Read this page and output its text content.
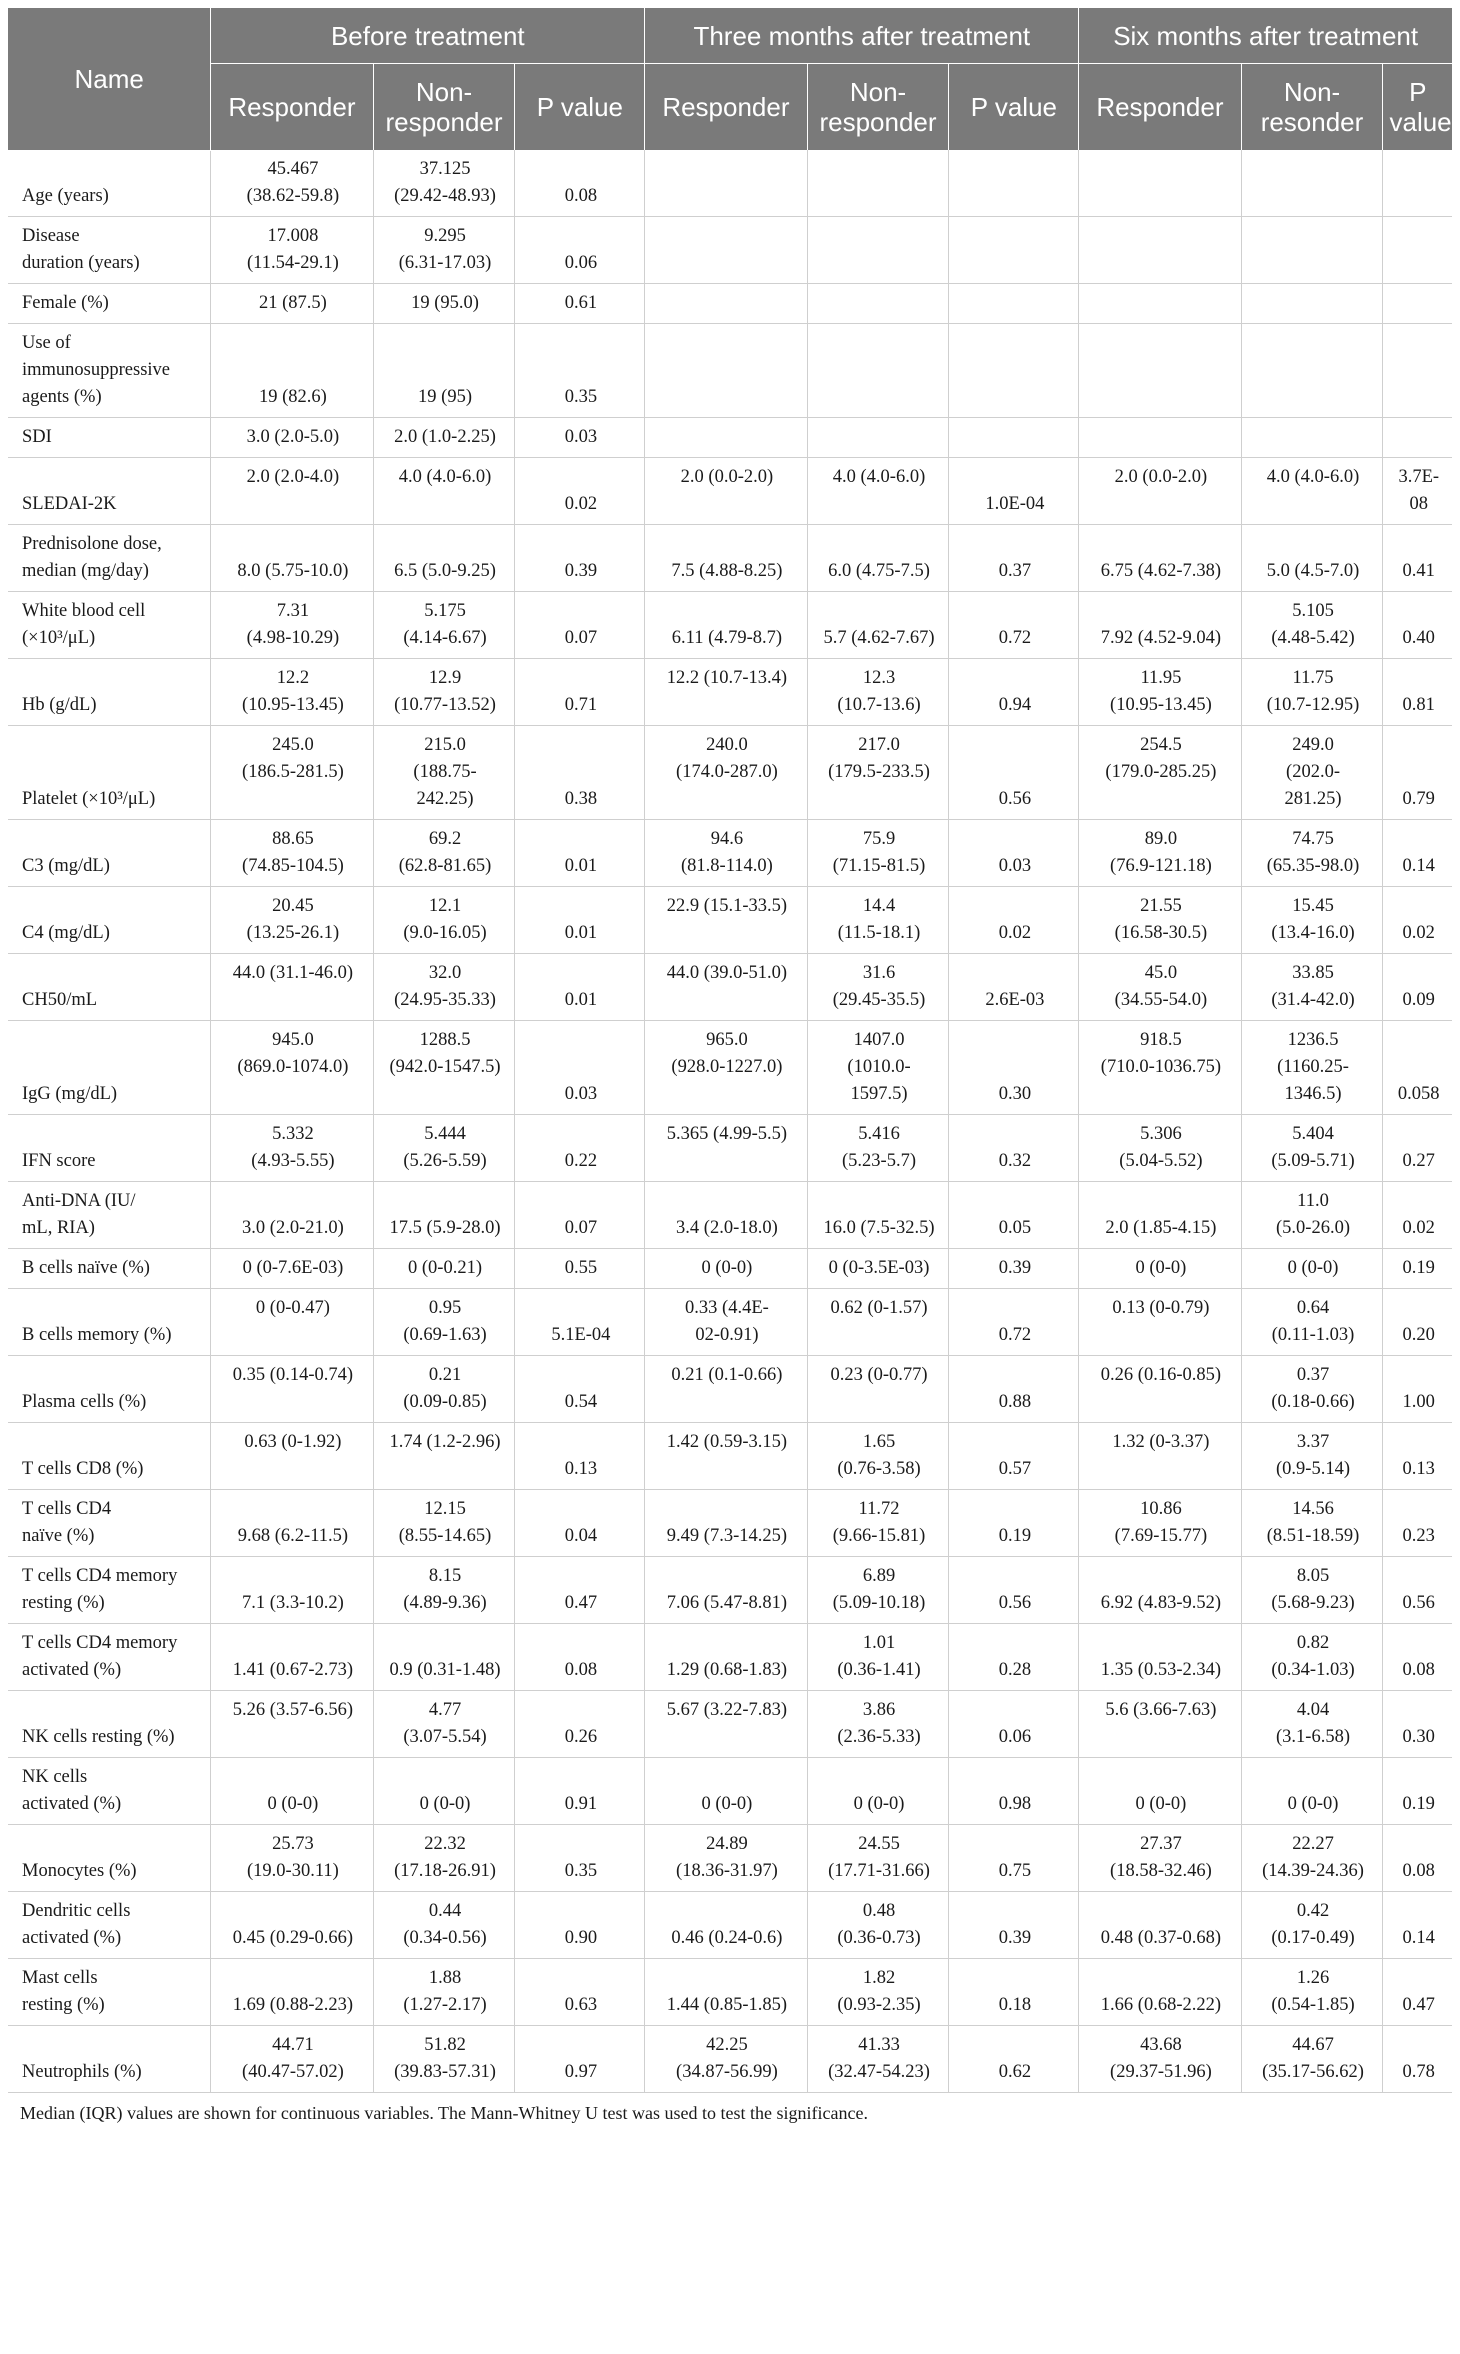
Name	Before treatment			Three months after treatment			Six months after treatment		
	Responder	Non-
responder	P value	Responder	Non-
responder	P value	Responder	Non-
resonder	P
value
Age (years)	45.467
(38.62-59.8)	37.125
(29.42-48.93)	0.08						
Disease
duration (years)	17.008
(11.54-29.1)	9.295
(6.31-17.03)	0.06						
Female (%)	21 (87.5)	19 (95.0)	0.61						
Use of
immunosuppressive
agents (%)	19 (82.6)	19 (95)	0.35						
SDI	3.0 (2.0-5.0)	2.0 (1.0-2.25)	0.03						
SLEDAI-2K	2.0 (2.0-4.0)	4.0 (4.0-6.0)	0.02	2.0 (0.0-2.0)	4.0 (4.0-6.0)	1.0E-04	2.0 (0.0-2.0)	4.0 (4.0-6.0)	3.7E-08
Prednisolone dose,
median (mg/day)	8.0 (5.75-10.0)	6.5 (5.0-9.25)	0.39	7.5 (4.88-8.25)	6.0 (4.75-7.5)	0.37	6.75 (4.62-7.38)	5.0 (4.5-7.0)	0.41
White blood cell
(×10³/μL)	7.31
(4.98-10.29)	5.175
(4.14-6.67)	0.07	6.11 (4.79-8.7)	5.7 (4.62-7.67)	0.72	7.92 (4.52-9.04)	5.105
(4.48-5.42)	0.40
Hb (g/dL)	12.2
(10.95-13.45)	12.9
(10.77-13.52)	0.71	12.2 (10.7-13.4)	12.3
(10.7-13.6)	0.94	11.95
(10.95-13.45)	11.75
(10.7-12.95)	0.81
Platelet (×10³/μL)	245.0
(186.5-281.5)	215.0
(188.75-
242.25)	0.38	240.0
(174.0-287.0)	217.0
(179.5-233.5)	0.56	254.5
(179.0-285.25)	249.0
(202.0-
281.25)	0.79
C3 (mg/dL)	88.65
(74.85-104.5)	69.2
(62.8-81.65)	0.01	94.6
(81.8-114.0)	75.9
(71.15-81.5)	0.03	89.0
(76.9-121.18)	74.75
(65.35-98.0)	0.14
C4 (mg/dL)	20.45
(13.25-26.1)	12.1
(9.0-16.05)	0.01	22.9 (15.1-33.5)	14.4
(11.5-18.1)	0.02	21.55
(16.58-30.5)	15.45
(13.4-16.0)	0.02
CH50/mL	44.0 (31.1-46.0)	32.0
(24.95-35.33)	0.01	44.0 (39.0-51.0)	31.6
(29.45-35.5)	2.6E-03	45.0
(34.55-54.0)	33.85
(31.4-42.0)	0.09
IgG (mg/dL)	945.0
(869.0-1074.0)	1288.5
(942.0-1547.5)	0.03	965.0
(928.0-1227.0)	1407.0
(1010.0-
1597.5)	0.30	918.5
(710.0-1036.75)	1236.5
(1160.25-
1346.5)	0.058
IFN score	5.332
(4.93-5.55)	5.444
(5.26-5.59)	0.22	5.365 (4.99-5.5)	5.416
(5.23-5.7)	0.32	5.306
(5.04-5.52)	5.404
(5.09-5.71)	0.27
Anti-DNA (IU/
mL, RIA)	3.0 (2.0-21.0)	17.5 (5.9-28.0)	0.07	3.4 (2.0-18.0)	16.0 (7.5-32.5)	0.05	2.0 (1.85-4.15)	11.0
(5.0-26.0)	0.02
B cells naïve (%)	0 (0-7.6E-03)	0 (0-0.21)	0.55	0 (0-0)	0 (0-3.5E-03)	0.39	0 (0-0)	0 (0-0)	0.19
B cells memory (%)	0 (0-0.47)	0.95
(0.69-1.63)	5.1E-04	0.33 (4.4E-
02-0.91)	0.62 (0-1.57)	0.72	0.13 (0-0.79)	0.64
(0.11-1.03)	0.20
Plasma cells (%)	0.35 (0.14-0.74)	0.21
(0.09-0.85)	0.54	0.21 (0.1-0.66)	0.23 (0-0.77)	0.88	0.26 (0.16-0.85)	0.37
(0.18-0.66)	1.00
T cells CD8 (%)	0.63 (0-1.92)	1.74 (1.2-2.96)	0.13	1.42 (0.59-3.15)	1.65
(0.76-3.58)	0.57	1.32 (0-3.37)	3.37
(0.9-5.14)	0.13
T cells CD4
naïve (%)	9.68 (6.2-11.5)	12.15
(8.55-14.65)	0.04	9.49 (7.3-14.25)	11.72
(9.66-15.81)	0.19	10.86
(7.69-15.77)	14.56
(8.51-18.59)	0.23
T cells CD4 memory
resting (%)	7.1 (3.3-10.2)	8.15
(4.89-9.36)	0.47	7.06 (5.47-8.81)	6.89
(5.09-10.18)	0.56	6.92 (4.83-9.52)	8.05
(5.68-9.23)	0.56
T cells CD4 memory
activated (%)	1.41 (0.67-2.73)	0.9 (0.31-1.48)	0.08	1.29 (0.68-1.83)	1.01
(0.36-1.41)	0.28	1.35 (0.53-2.34)	0.82
(0.34-1.03)	0.08
NK cells resting (%)	5.26 (3.57-6.56)	4.77
(3.07-5.54)	0.26	5.67 (3.22-7.83)	3.86
(2.36-5.33)	0.06	5.6 (3.66-7.63)	4.04
(3.1-6.58)	0.30
NK cells
activated (%)	0 (0-0)	0 (0-0)	0.91	0 (0-0)	0 (0-0)	0.98	0 (0-0)	0 (0-0)	0.19
Monocytes (%)	25.73
(19.0-30.11)	22.32
(17.18-26.91)	0.35	24.89
(18.36-31.97)	24.55
(17.71-31.66)	0.75	27.37
(18.58-32.46)	22.27
(14.39-24.36)	0.08
Dendritic cells
activated (%)	0.45 (0.29-0.66)	0.44
(0.34-0.56)	0.90	0.46 (0.24-0.6)	0.48
(0.36-0.73)	0.39	0.48 (0.37-0.68)	0.42
(0.17-0.49)	0.14
Mast cells
resting (%)	1.69 (0.88-2.23)	1.88
(1.27-2.17)	0.63	1.44 (0.85-1.85)	1.82
(0.93-2.35)	0.18	1.66 (0.68-2.22)	1.26
(0.54-1.85)	0.47
Neutrophils (%)	44.71
(40.47-57.02)	51.82
(39.83-57.31)	0.97	42.25
(34.87-56.99)	41.33
(32.47-54.23)	0.62	43.68
(29.37-51.96)	44.67
(35.17-56.62)	0.78
Median (IQR) values are shown for continuous variables. The Mann-Whitney U test was used to test the significance.
